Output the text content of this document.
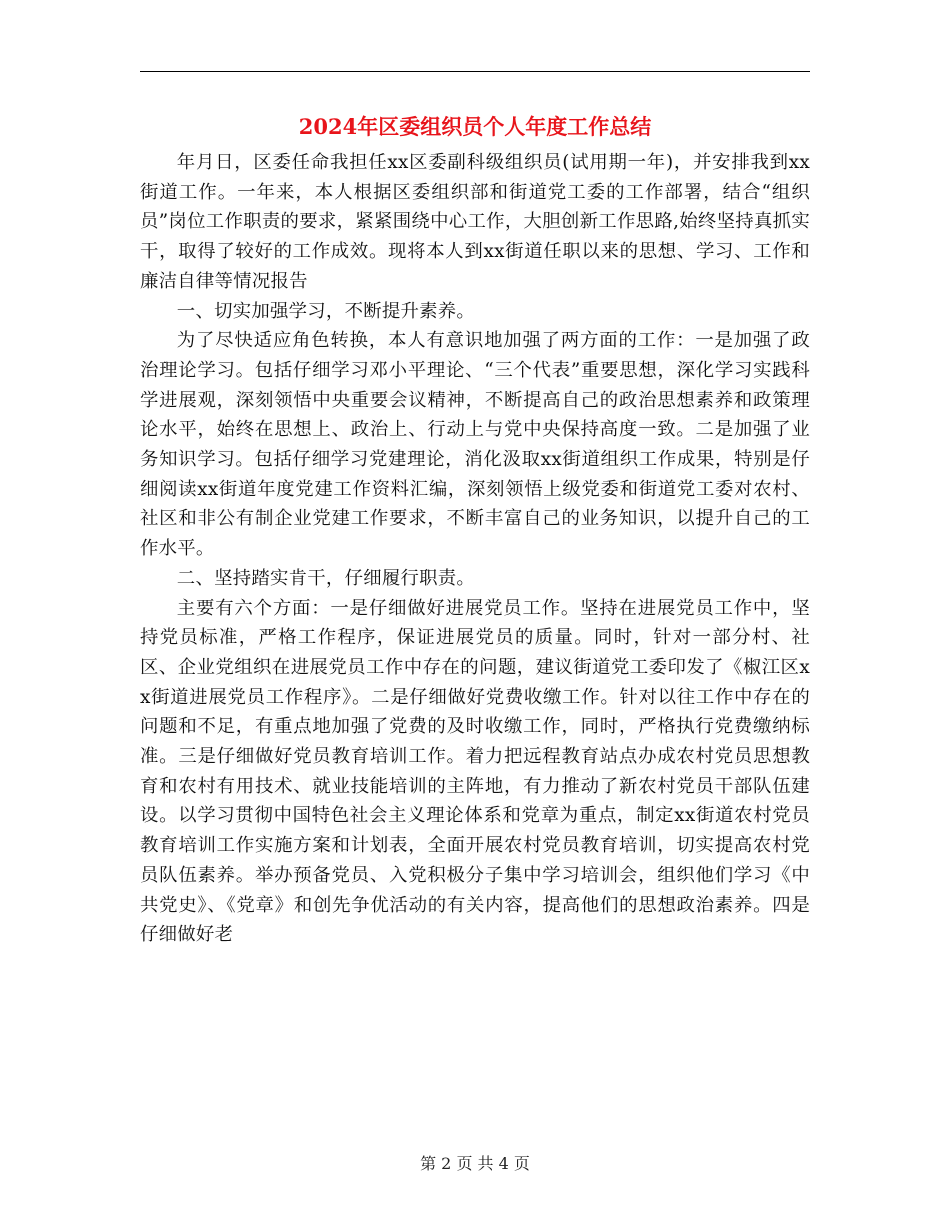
2024年区委组织员个人年度工作总结

年月日，区委任命我担任xx区委副科级组织员(试用期一年)，并安排我到xx街道工作。一年来，本人根据区委组织部和街道党工委的工作部署，结合“组织员”岗位工作职责的要求，紧紧围绕中心工作，大胆创新工作思路,始终坚持真抓实干，取得了较好的工作成效。现将本人到xx街道任职以来的思想、学习、工作和廉洁自律等情况报告

一、切实加强学习，不断提升素养。

为了尽快适应角色转换，本人有意识地加强了两方面的工作：一是加强了政治理论学习。包括仔细学习邓小平理论、“三个代表”重要思想，深化学习实践科学进展观，深刻领悟中央重要会议精神，不断提高自己的政治思想素养和政策理论水平，始终在思想上、政治上、行动上与党中央保持高度一致。二是加强了业务知识学习。包括仔细学习党建理论，消化汲取xx街道组织工作成果，特别是仔细阅读xx街道年度党建工作资料汇编，深刻领悟上级党委和街道党工委对农村、社区和非公有制企业党建工作要求，不断丰富自己的业务知识，以提升自己的工作水平。

二、坚持踏实肯干，仔细履行职责。

主要有六个方面：一是仔细做好进展党员工作。坚持在进展党员工作中，坚持党员标准，严格工作程序，保证进展党员的质量。同时，针对一部分村、社区、企业党组织在进展党员工作中存在的问题，建议街道党工委印发了《椒江区xx街道进展党员工作程序》。二是仔细做好党费收缴工作。针对以往工作中存在的问题和不足，有重点地加强了党费的及时收缴工作，同时，严格执行党费缴纳标准。三是仔细做好党员教育培训工作。着力把远程教育站点办成农村党员思想教育和农村有用技术、就业技能培训的主阵地，有力推动了新农村党员干部队伍建设。以学习贯彻中国特色社会主义理论体系和党章为重点，制定xx街道农村党员教育培训工作实施方案和计划表，全面开展农村党员教育培训，切实提高农村党员队伍素养。举办预备党员、入党积极分子集中学习培训会，组织他们学习《中共党史》、《党章》和创先争优活动的有关内容，提高他们的思想政治素养。四是仔细做好老

第 2 页 共 4 页
